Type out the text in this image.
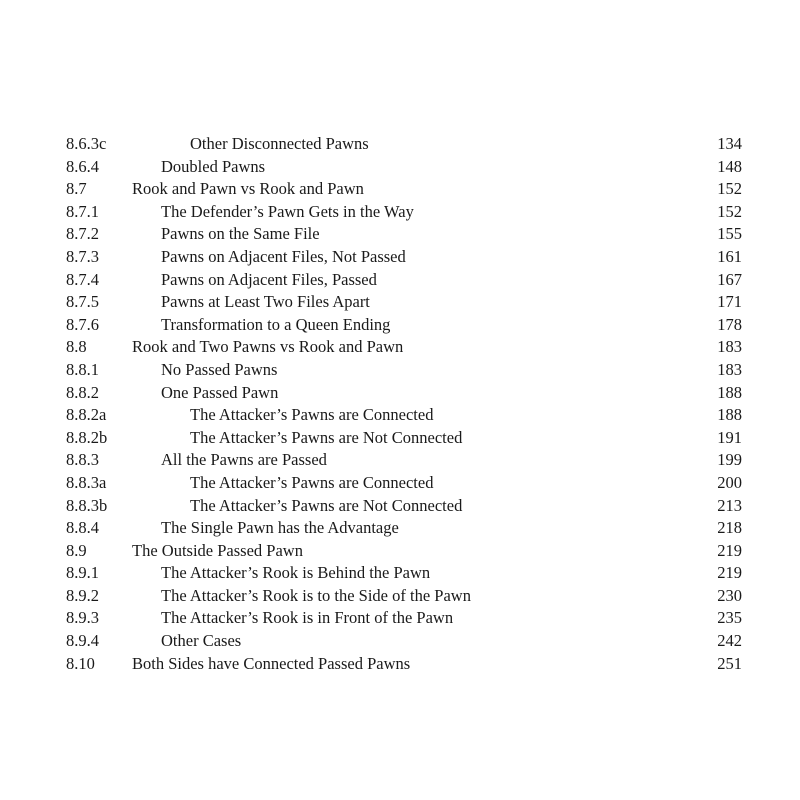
8.6.3c	Other Disconnected Pawns	134
8.6.4	Doubled Pawns	148
8.7	Rook and Pawn vs Rook and Pawn	152
8.7.1	The Defender’s Pawn Gets in the Way	152
8.7.2	Pawns on the Same File	155
8.7.3	Pawns on Adjacent Files, Not Passed	161
8.7.4	Pawns on Adjacent Files, Passed	167
8.7.5	Pawns at Least Two Files Apart	171
8.7.6	Transformation to a Queen Ending	178
8.8	Rook and Two Pawns vs Rook and Pawn	183
8.8.1	No Passed Pawns	183
8.8.2	One Passed Pawn	188
8.8.2a	The Attacker’s Pawns are Connected	188
8.8.2b	The Attacker’s Pawns are Not Connected	191
8.8.3	All the Pawns are Passed	199
8.8.3a	The Attacker’s Pawns are Connected	200
8.8.3b	The Attacker’s Pawns are Not Connected	213
8.8.4	The Single Pawn has the Advantage	218
8.9	The Outside Passed Pawn	219
8.9.1	The Attacker’s Rook is Behind the Pawn	219
8.9.2	The Attacker’s Rook is to the Side of the Pawn	230
8.9.3	The Attacker’s Rook is in Front of the Pawn	235
8.9.4	Other Cases	242
8.10 Both Sides have Connected Passed Pawns	251
